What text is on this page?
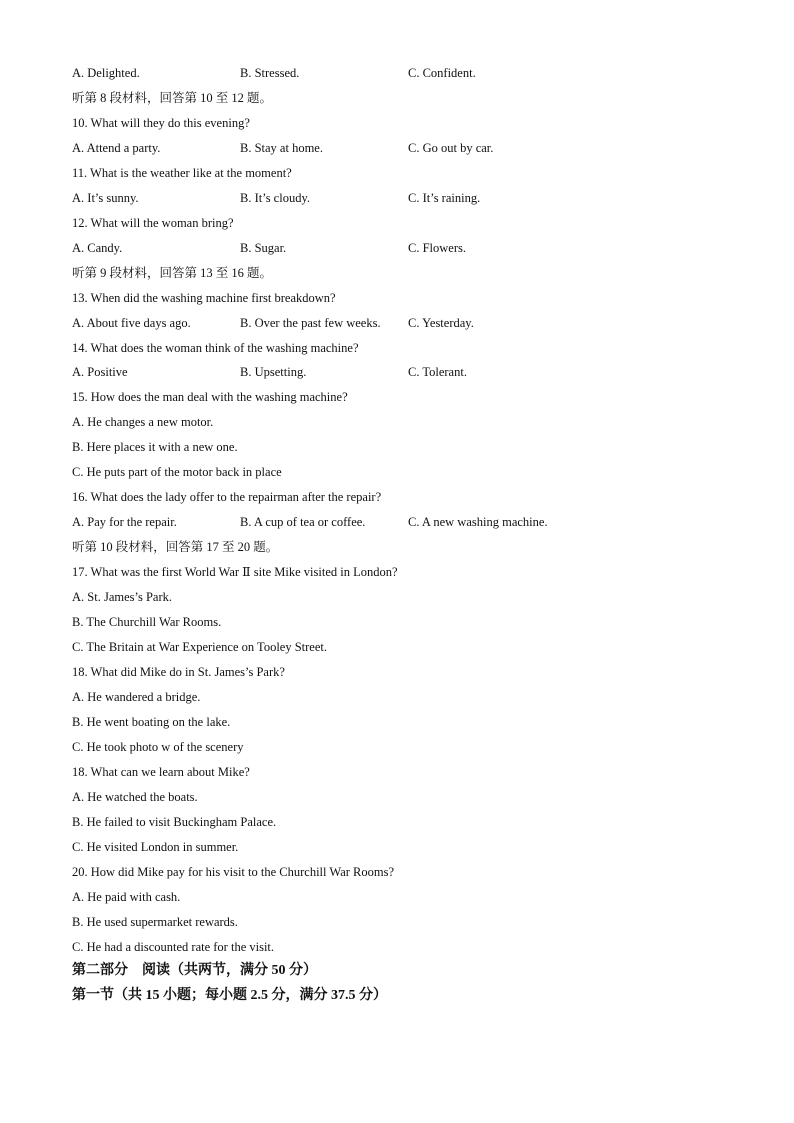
A. Delighted.	B. Stressed.	C. Confident.
听第 8 段材料，回答第 10 至 12 题。
10. What will they do this evening?
A. Attend a party.	B. Stay at home.	C. Go out by car.
11. What is the weather like at the moment?
A. It’s sunny.	B. It’s cloudy.	C. It’s raining.
12. What will the woman bring?
A. Candy.	B. Sugar.	C. Flowers.
听第 9 段材料，回答第 13 至 16 题。
13. When did the washing machine first breakdown?
A. About five days ago.	B. Over the past few weeks.	C. Yesterday.
14. What does the woman think of the washing machine?
A. Positive	B. Upsetting.	C. Tolerant.
15. How does the man deal with the washing machine?
A. He changes a new motor.
B. Here places it with a new one.
C. He puts part of the motor back in place
16. What does the lady offer to the repairman after the repair?
A. Pay for the repair.	B. A cup of tea or coffee.	C. A new washing machine.
听第 10 段材料，回答第 17 至 20 题。
17. What was the first World War Ⅱ site Mike visited in London?
A. St. James’s Park.
B. The Churchill War Rooms.
C. The Britain at War Experience on Tooley Street.
18. What did Mike do in St. James’s Park?
A. He wandered a bridge.
B. He went boating on the lake.
C. He took photo w of the scenery
18. What can we learn about Mike?
A. He watched the boats.
B. He failed to visit Buckingham Palace.
C. He visited London in summer.
20. How did Mike pay for his visit to the Churchill War Rooms?
A. He paid with cash.
B. He used supermarket rewards.
C. He had a discounted rate for the visit.
第二部分　阅读（共两节，满分 50 分）
第一节（共 15 小题；每小题 2.5 分，满分 37.5 分）
